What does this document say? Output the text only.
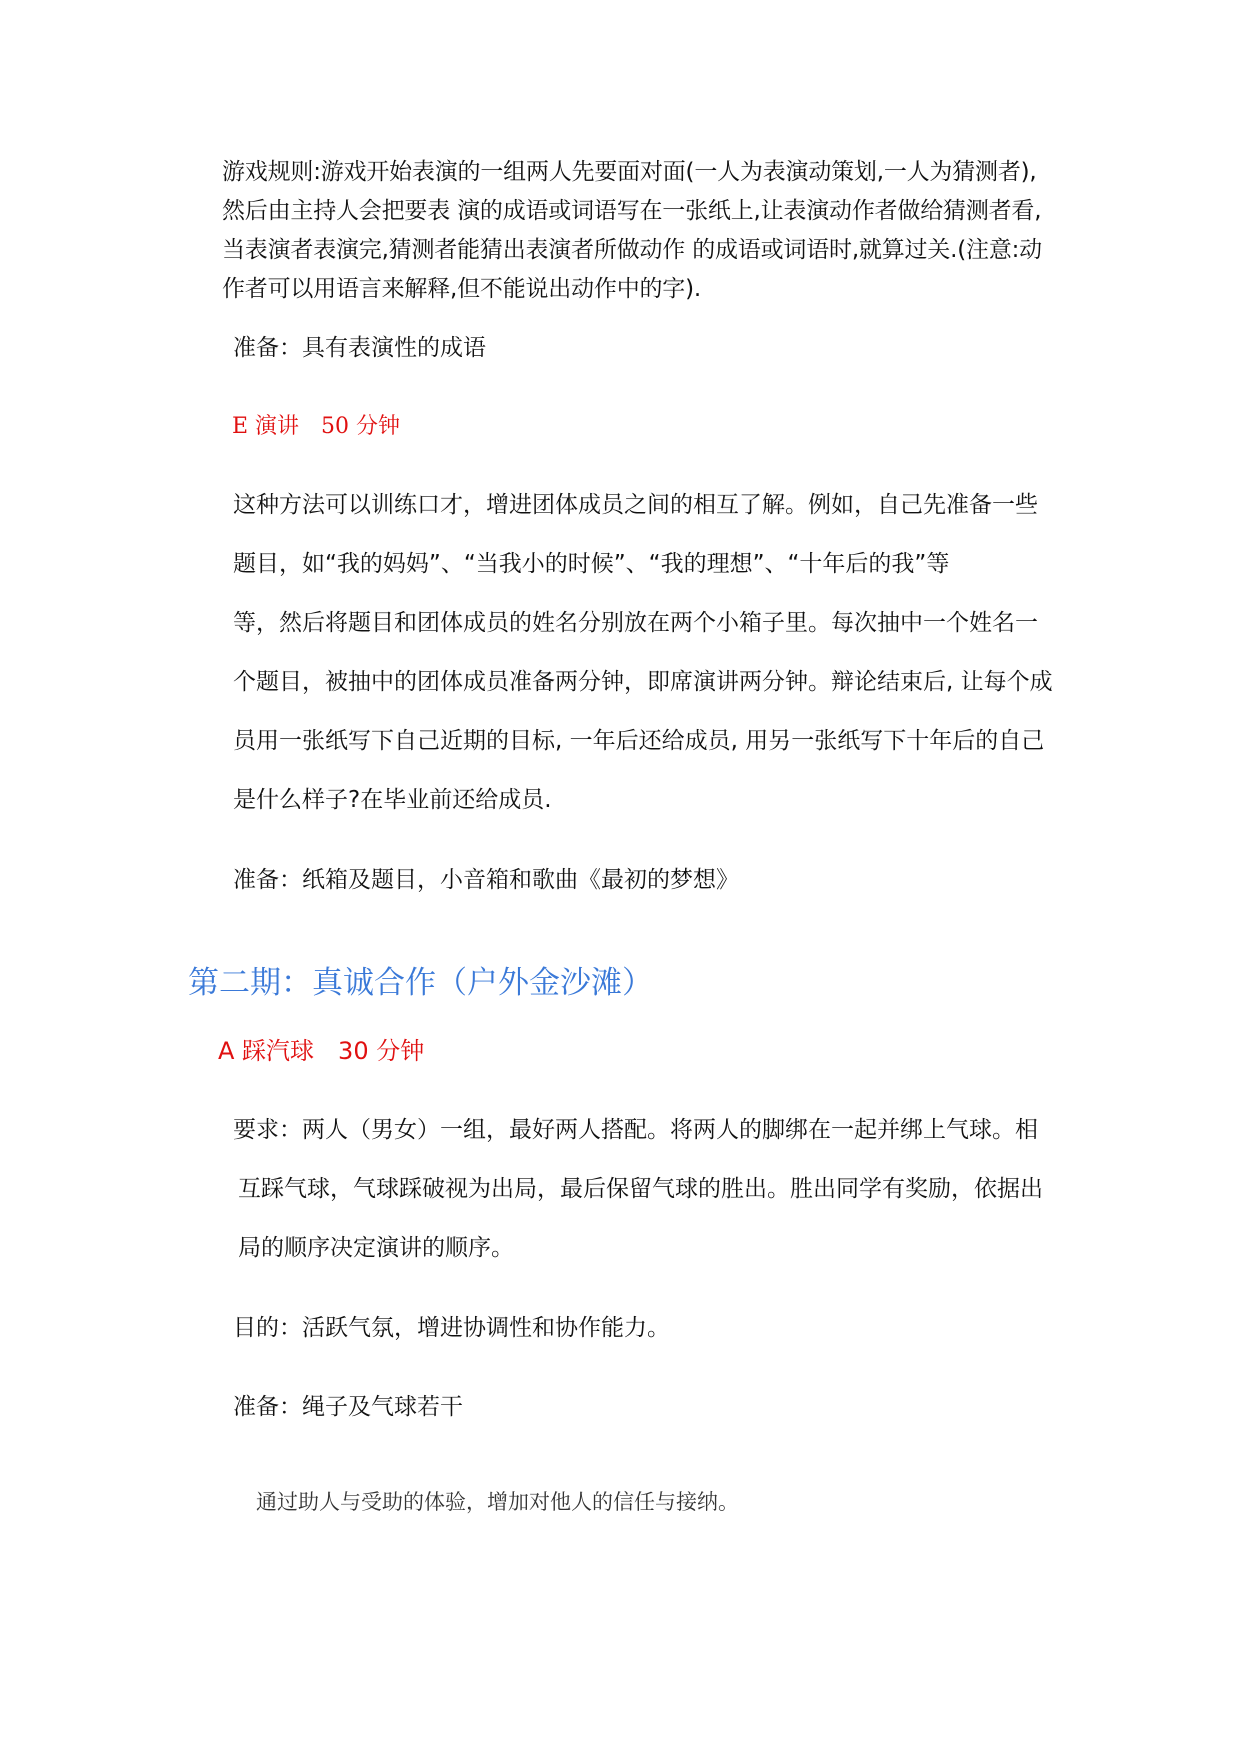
游戏规则:游戏开始表演的一组两人先要面对面(一人为表演动策划,一人为猜测者),
然后由主持人会把要表 演的成语或词语写在一张纸上,让表演动作者做给猜测者看,
当表演者表演完,猜测者能猜出表演者所做动作 的成语或词语时,就算过关.(注意:动
作者可以用语言来解释,但不能说出动作中的字).
准备：具有表演性的成语
E 演讲　50 分钟
这种方法可以训练口才，增进团体成员之间的相互了解。例如，自己先准备一些
题目，如“我的妈妈”、“当我小的时候”、“我的理想”、“十年后的我”等
等，然后将题目和团体成员的姓名分别放在两个小箱子里。每次抽中一个姓名一
个题目，被抽中的团体成员准备两分钟，即席演讲两分钟。辩论结束后, 让每个成
员用一张纸写下自己近期的目标, 一年后还给成员, 用另一张纸写下十年后的自己
是什么样子?在毕业前还给成员.
准备：纸箱及题目，小音箱和歌曲《最初的梦想》
第二期：真诚合作（户外金沙滩）
A 踩汽球　30 分钟
要求：两人（男女）一组，最好两人搭配。将两人的脚绑在一起并绑上气球。相
互踩气球，气球踩破视为出局，最后保留气球的胜出。胜出同学有奖励，依据出
局的顺序决定演讲的顺序。
目的：活跃气氛，增进协调性和协作能力。
准备：绳子及气球若干
通过助人与受助的体验，增加对他人的信任与接纳。
